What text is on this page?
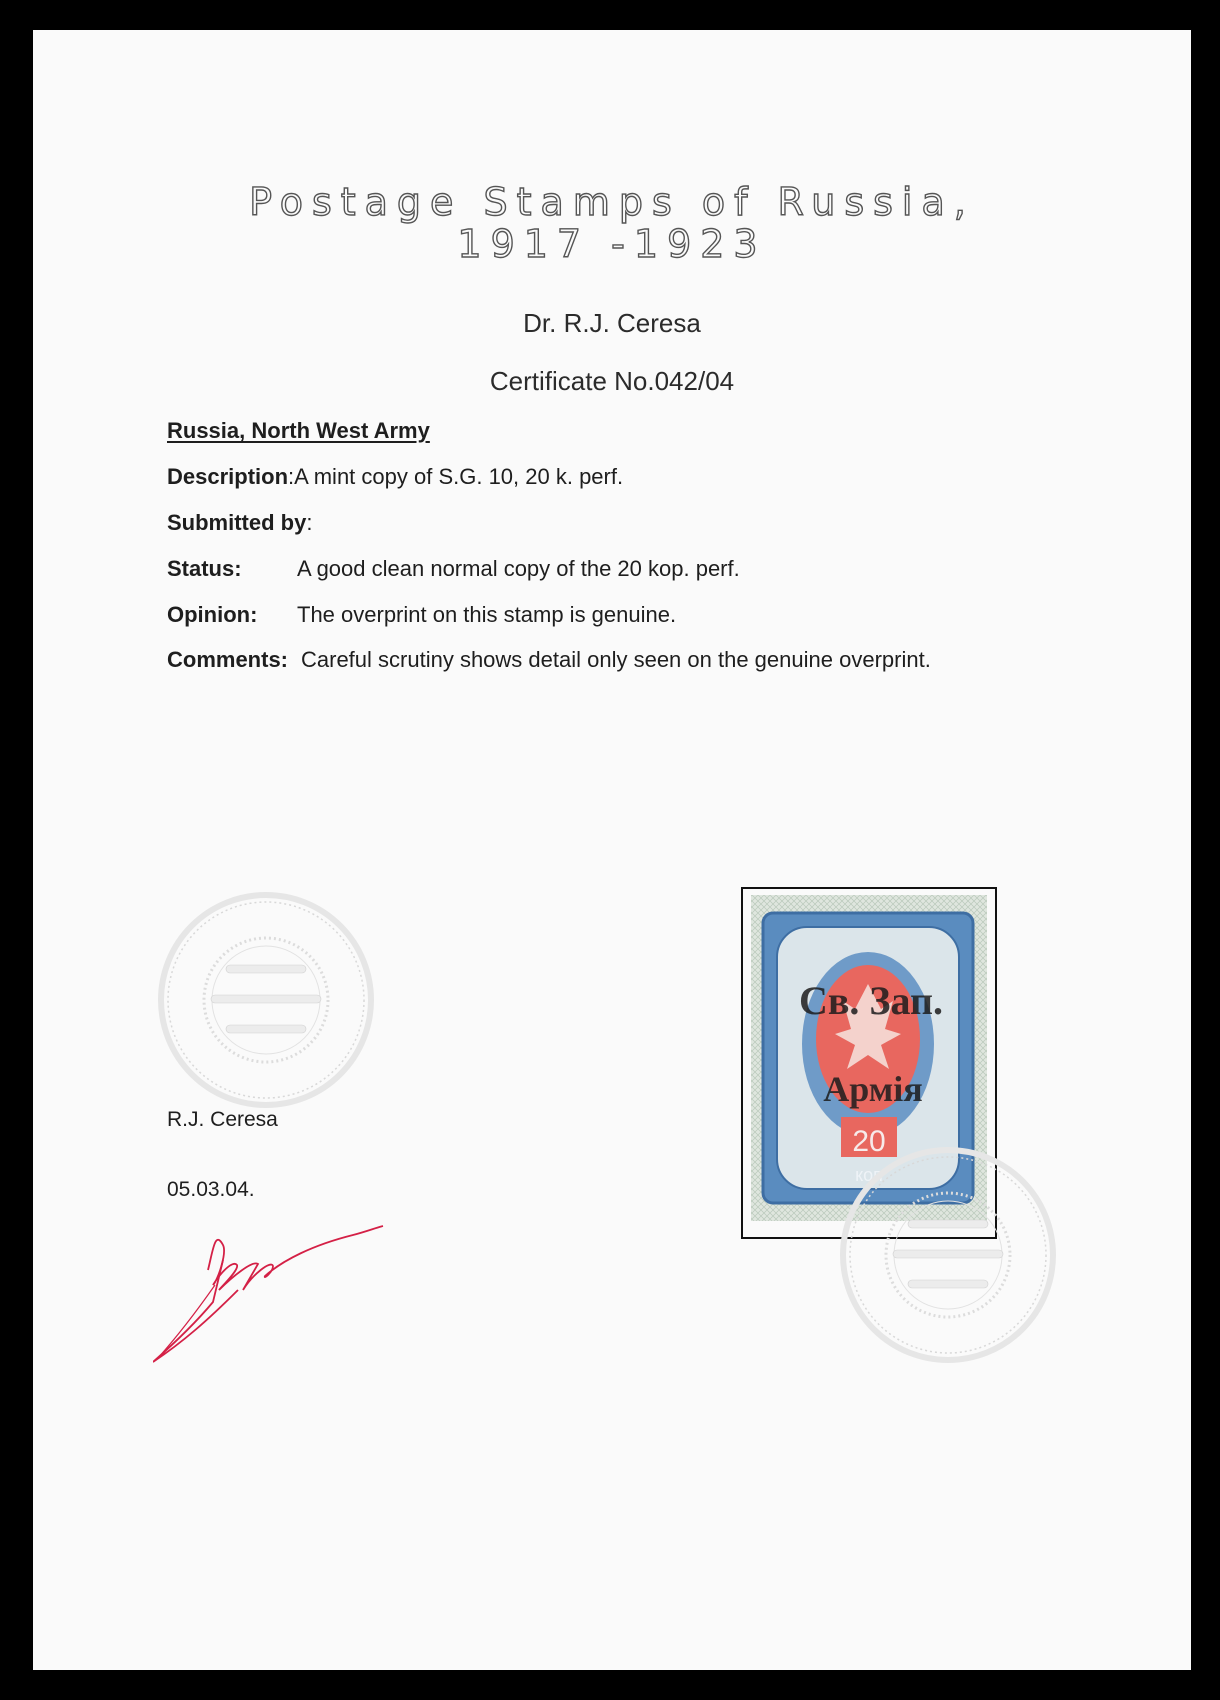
Postage Stamps of Russia,
1917 -1923
Dr. R.J. Ceresa
Certificate No.042/04
Russia, North West Army
Description:A mint copy of S.G. 10, 20 k. perf.
Submitted by:
Status:	A good clean normal copy of the 20 kop. perf.
Opinion: The overprint on this stamp is genuine.
Comments: Careful scrutiny shows detail only seen on the genuine overprint.
R.J. Ceresa
05.03.04.
20
коп
Св. Зап.
Армiя
